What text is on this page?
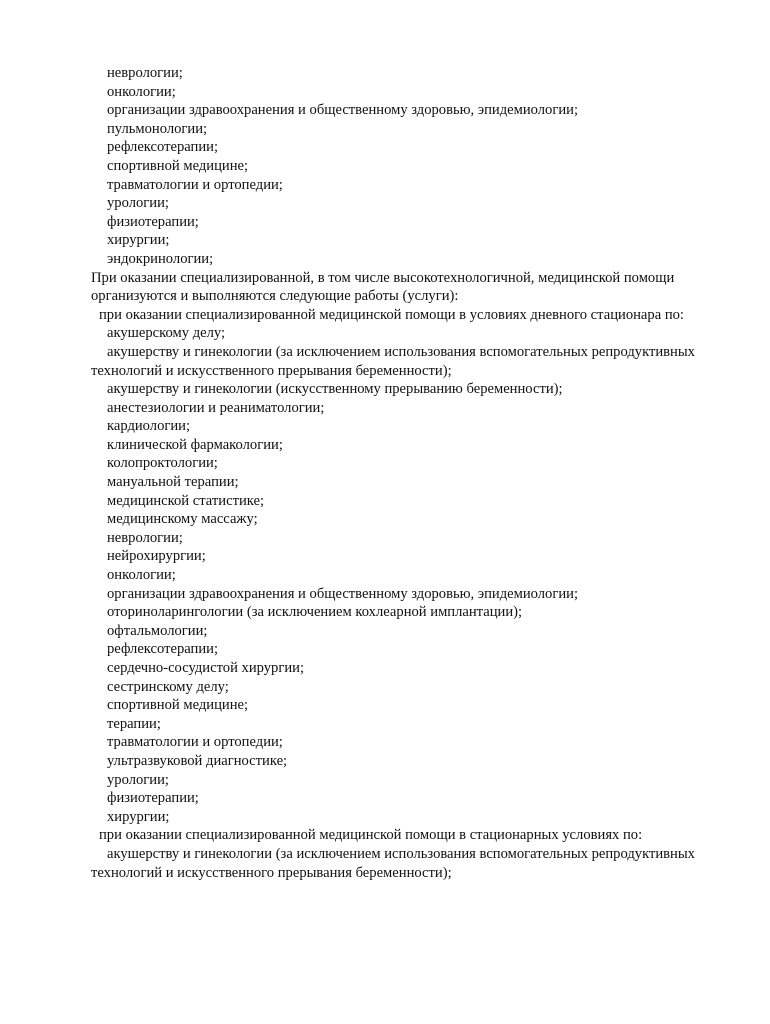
неврологии;
онкологии;
организации здравоохранения и общественному здоровью, эпидемиологии;
пульмонологии;
рефлексотерапии;
спортивной медицине;
травматологии и ортопедии;
урологии;
физиотерапии;
хирургии;
эндокринологии;
При оказании специализированной, в том числе высокотехнологичной, медицинской помощи
организуются и выполняются следующие работы (услуги):
при оказании специализированной медицинской помощи в условиях дневного стационара по:
акушерскому делу;
акушерству и гинекологии (за исключением использования вспомогательных репродуктивных
технологий и искусственного прерывания беременности);
акушерству и гинекологии (искусственному прерыванию беременности);
анестезиологии и реаниматологии;
кардиологии;
клинической фармакологии;
колопроктологии;
мануальной терапии;
медицинской статистике;
медицинскому массажу;
неврологии;
нейрохирургии;
онкологии;
организации здравоохранения и общественному здоровью, эпидемиологии;
оториноларингологии (за исключением кохлеарной имплантации);
офтальмологии;
рефлексотерапии;
сердечно-сосудистой хирургии;
сестринскому делу;
спортивной медицине;
терапии;
травматологии и ортопедии;
ультразвуковой диагностике;
урологии;
физиотерапии;
хирургии;
при оказании специализированной медицинской помощи в стационарных условиях по:
акушерству и гинекологии (за исключением использования вспомогательных репродуктивных
технологий и искусственного прерывания беременности);
